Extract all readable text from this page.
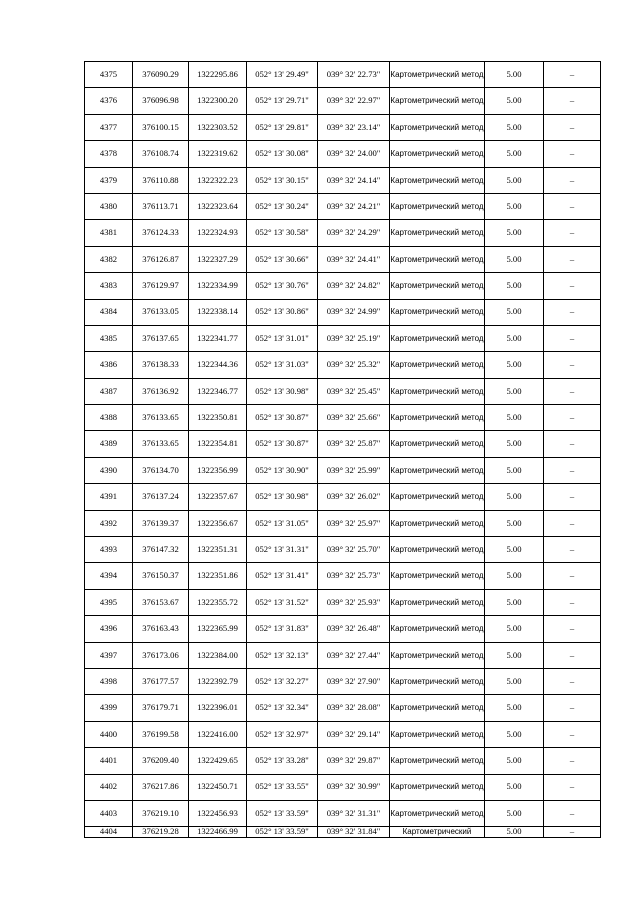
4375	376090.29	1322295.86	052° 13' 29.49"	039° 32' 22.73"	Картометрический метод	5.00	–
4376	376096.98	1322300.20	052° 13' 29.71"	039° 32' 22.97"	Картометрический метод	5.00	–
4377	376100.15	1322303.52	052° 13' 29.81"	039° 32' 23.14"	Картометрический метод	5.00	–
4378	376108.74	1322319.62	052° 13' 30.08"	039° 32' 24.00"	Картометрический метод	5.00	–
4379	376110.88	1322322.23	052° 13' 30.15"	039° 32' 24.14"	Картометрический метод	5.00	–
4380	376113.71	1322323.64	052° 13' 30.24"	039° 32' 24.21"	Картометрический метод	5.00	–
4381	376124.33	1322324.93	052° 13' 30.58"	039° 32' 24.29"	Картометрический метод	5.00	–
4382	376126.87	1322327.29	052° 13' 30.66"	039° 32' 24.41"	Картометрический метод	5.00	–
4383	376129.97	1322334.99	052° 13' 30.76"	039° 32' 24.82"	Картометрический метод	5.00	–
4384	376133.05	1322338.14	052° 13' 30.86"	039° 32' 24.99"	Картометрический метод	5.00	–
4385	376137.65	1322341.77	052° 13' 31.01"	039° 32' 25.19"	Картометрический метод	5.00	–
4386	376138.33	1322344.36	052° 13' 31.03"	039° 32' 25.32"	Картометрический метод	5.00	–
4387	376136.92	1322346.77	052° 13' 30.98"	039° 32' 25.45"	Картометрический метод	5.00	–
4388	376133.65	1322350.81	052° 13' 30.87"	039° 32' 25.66"	Картометрический метод	5.00	–
4389	376133.65	1322354.81	052° 13' 30.87"	039° 32' 25.87"	Картометрический метод	5.00	–
4390	376134.70	1322356.99	052° 13' 30.90"	039° 32' 25.99"	Картометрический метод	5.00	–
4391	376137.24	1322357.67	052° 13' 30.98"	039° 32' 26.02"	Картометрический метод	5.00	–
4392	376139.37	1322356.67	052° 13' 31.05"	039° 32' 25.97"	Картометрический метод	5.00	–
4393	376147.32	1322351.31	052° 13' 31.31"	039° 32' 25.70"	Картометрический метод	5.00	–
4394	376150.37	1322351.86	052° 13' 31.41"	039° 32' 25.73"	Картометрический метод	5.00	–
4395	376153.67	1322355.72	052° 13' 31.52"	039° 32' 25.93"	Картометрический метод	5.00	–
4396	376163.43	1322365.99	052° 13' 31.83"	039° 32' 26.48"	Картометрический метод	5.00	–
4397	376173.06	1322384.00	052° 13' 32.13"	039° 32' 27.44"	Картометрический метод	5.00	–
4398	376177.57	1322392.79	052° 13' 32.27"	039° 32' 27.90"	Картометрический метод	5.00	–
4399	376179.71	1322396.01	052° 13' 32.34"	039° 32' 28.08"	Картометрический метод	5.00	–
4400	376199.58	1322416.00	052° 13' 32.97"	039° 32' 29.14"	Картометрический метод	5.00	–
4401	376209.40	1322429.65	052° 13' 33.28"	039° 32' 29.87"	Картометрический метод	5.00	–
4402	376217.86	1322450.71	052° 13' 33.55"	039° 32' 30.99"	Картометрический метод	5.00	–
4403	376219.10	1322456.93	052° 13' 33.59"	039° 32' 31.31"	Картометрический метод	5.00	–
4404	376219.28	1322466.99	052° 13' 33.59"	039° 32' 31.84"	Картометрический	5.00	–
